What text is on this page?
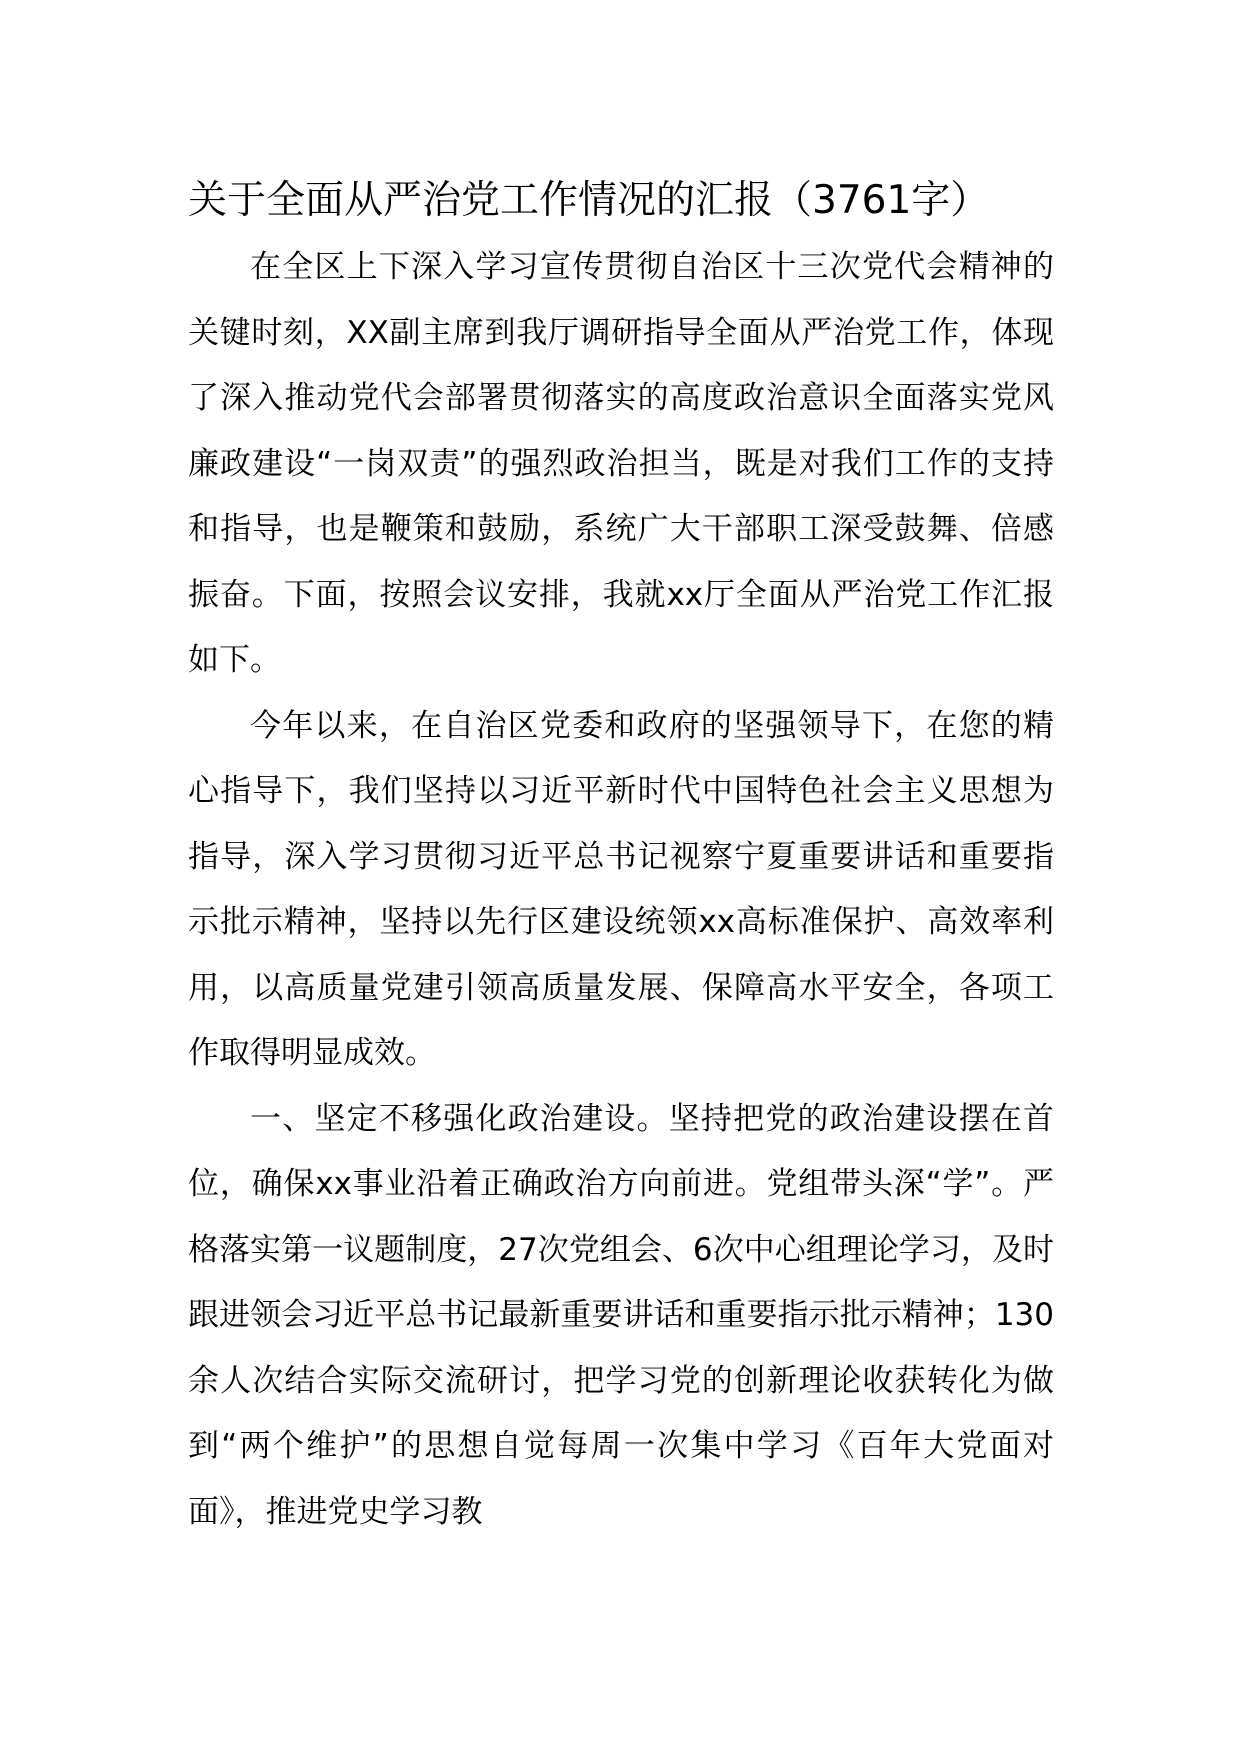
关于全面从严治党工作情况的汇报（3761字）

在全区上下深入学习宣传贯彻自治区十三次党代会精神的关键时刻，XX副主席到我厅调研指导全面从严治党工作，体现了深入推动党代会部署贯彻落实的高度政治意识全面落实党风廉政建设“一岗双责”的强烈政治担当，既是对我们工作的支持和指导，也是鞭策和鼓励，系统广大干部职工深受鼓舞、倍感振奋。下面，按照会议安排，我就xx厅全面从严治党工作汇报如下。

今年以来，在自治区党委和政府的坚强领导下，在您的精心指导下，我们坚持以习近平新时代中国特色社会主义思想为指导，深入学习贯彻习近平总书记视察宁夏重要讲话和重要指示批示精神，坚持以先行区建设统领xx高标准保护、高效率利用，以高质量党建引领高质量发展、保障高水平安全，各项工作取得明显成效。

一、坚定不移强化政治建设。坚持把党的政治建设摆在首位，确保xx事业沿着正确政治方向前进。党组带头深“学”。严格落实第一议题制度，27次党组会、6次中心组理论学习，及时跟进领会习近平总书记最新重要讲话和重要指示批示精神；130余人次结合实际交流研讨，把学习党的创新理论收获转化为做到“两个维护”的思想自觉每周一次集中学习《百年大党面对面》，推进党史学习教
